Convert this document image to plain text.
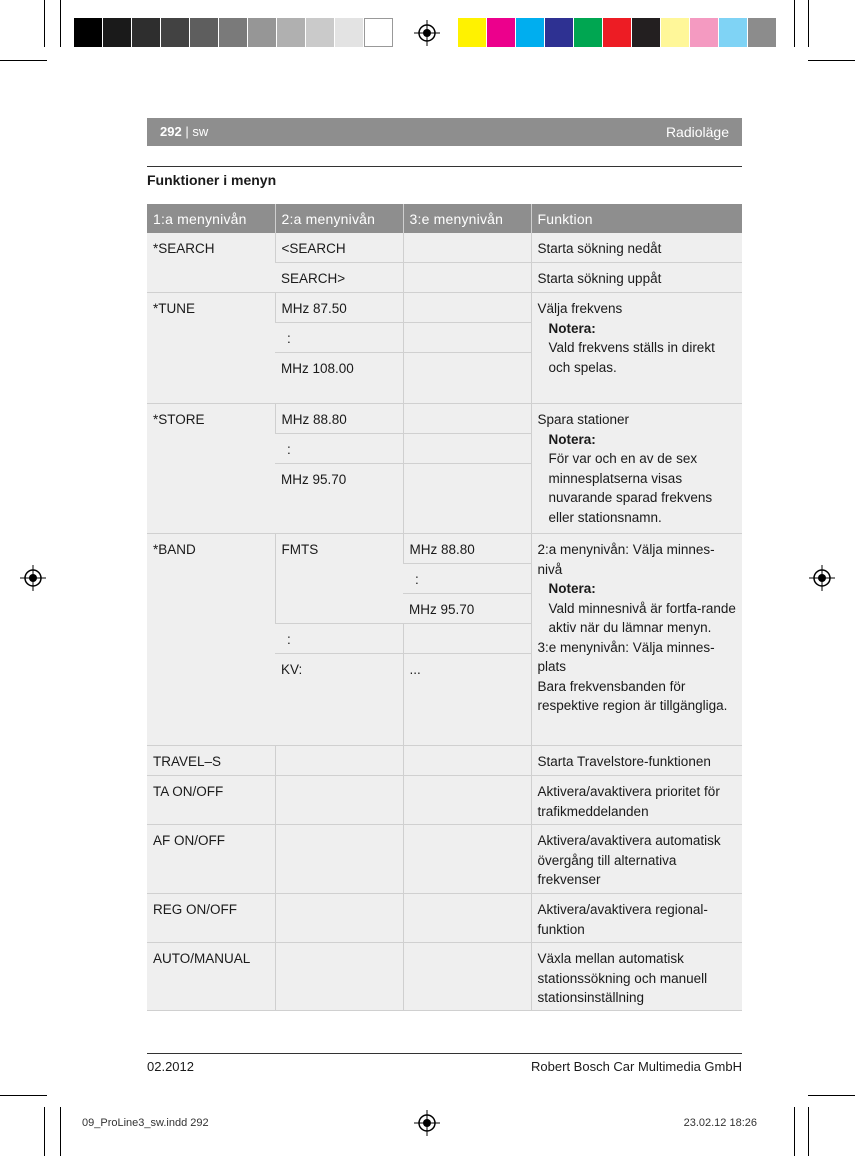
292 | sw	Radioläge
Funktioner i menyn
1:a menynivån	2:a menynivån	3:e menynivån	Funktion
*SEARCH	<SEARCH		Starta sökning nedåt
	SEARCH>		Starta sökning uppåt
*TUNE	MHz 87.50		Välja frekvens
Notera:
Vald frekvens ställs in direkt och spelas.

	:		

	MHz 108.00		
*STORE	MHz 88.80		Spara stationer
Notera:
För var och en av de sex minnesplatserna visas nuvarande sparad frekvens eller stationsnamn.

	:		

	MHz 95.70		
*BAND	FMTS	MHz 88.80	2:a menynivån: Välja minnes-nivå
Notera:
Vald minnesnivå är fortfa-rande aktiv när du lämnar menyn.
3:e menynivån: Välja minnes-plats
Bara frekvensbanden för respektive region är tillgängliga.

		:	

		MHz 95.70	

	:		

	KV:	...	
TRAVEL–S			Starta Travelstore-funktionen
TA ON/OFF			Aktivera/avaktivera prioritet för trafikmeddelanden
AF ON/OFF			Aktivera/avaktivera automatisk övergång till alternativa frekvenser
REG ON/OFF			Aktivera/avaktivera regional-funktion
AUTO/MANUAL			Växla mellan automatisk stationssökning och manuell stationsinställning
02.2012	Robert Bosch Car Multimedia GmbH
09_ProLine3_sw.indd 292	23.02.12 18:26
